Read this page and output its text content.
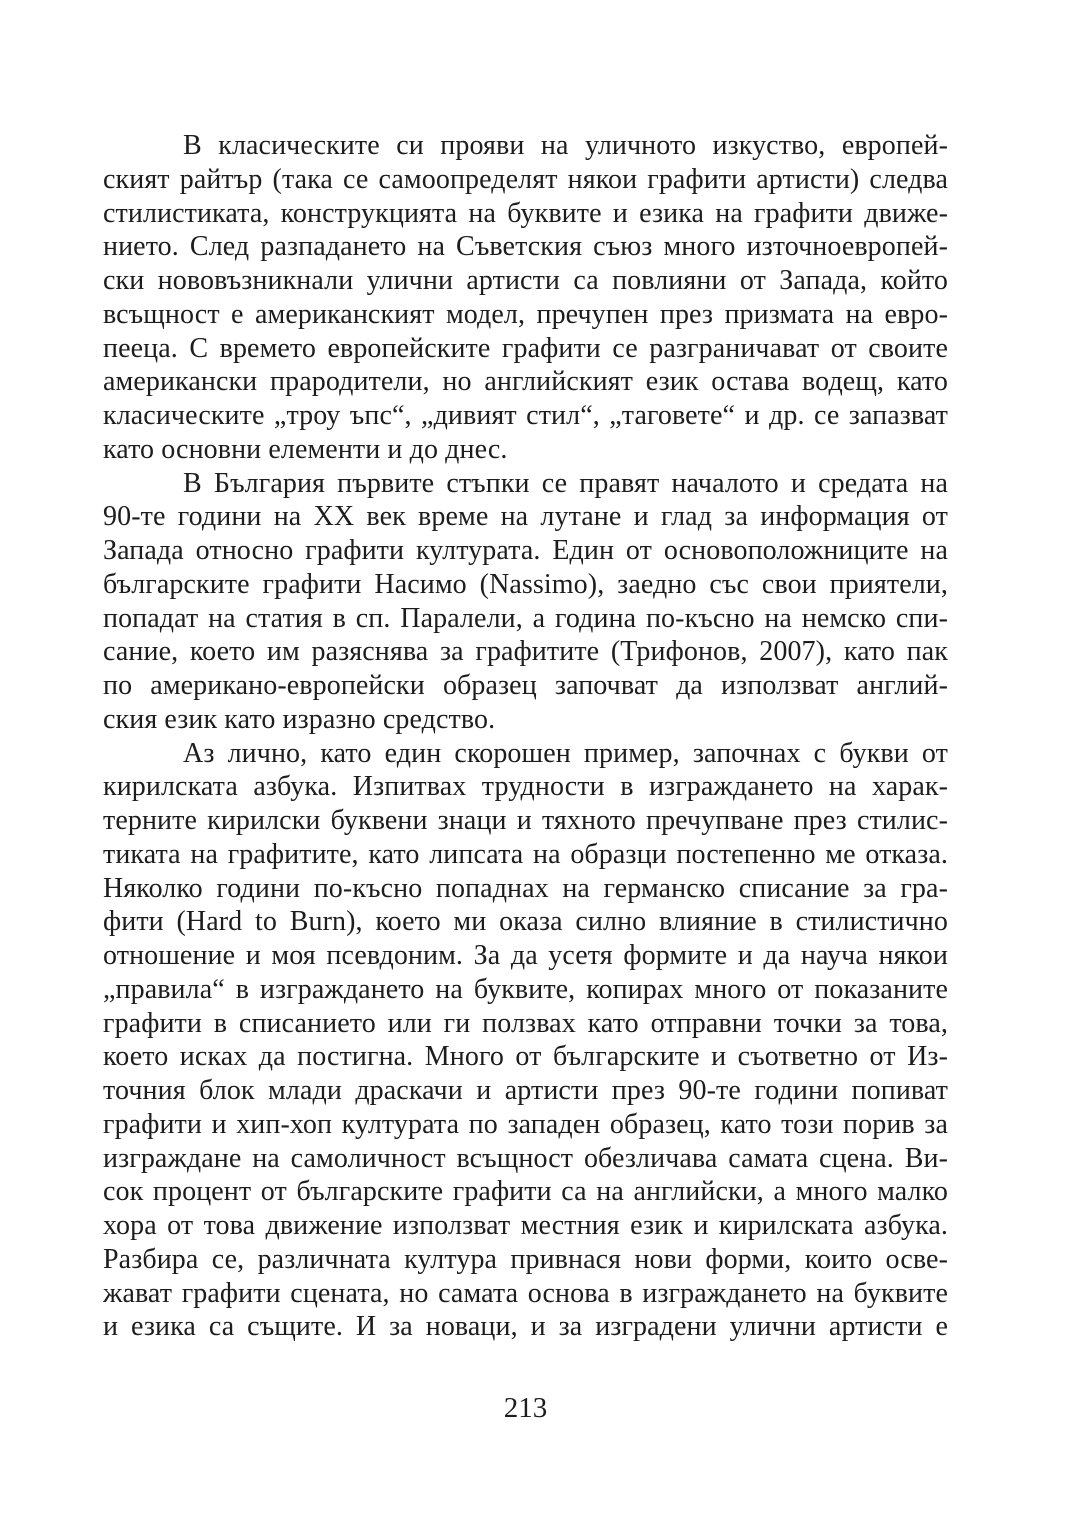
В класическите си прояви на уличното изкуство, европей-
ският райтър (така се самоопределят някои графити артисти) следва
стилистиката, конструкцията на буквите и езика на графити движе-
нието. След разпадането на Съветския съюз много източноевропей-
ски нововъзникнали улични артисти са повлияни от Запада, който
всъщност е американският модел, пречупен през призмата на евро-
пееца. С времето европейските графити се разграничават от своите
американски прародители, но английският език остава водещ, като
класическите „троу ъпс“, „дивият стил“, „таговете“ и др. се запазват
като основни елементи и до днес.
В България първите стъпки се правят началото и средата на
90-те години на ХХ век време на лутане и глад за информация от
Запада относно графити културата. Един от основоположниците на
българските графити Насимо (Nassimo), заедно със свои приятели,
попадат на статия в сп. Паралели, а година по-късно на немско спи-
сание, което им разяснява за графитите (Трифонов, 2007), като пак
по американо-европейски образец започват да използват англий-
ския език като изразно средство.
Аз лично, като един скорошен пример, започнах с букви от
кирилската азбука. Изпитвах трудности в изграждането на харак-
терните кирилски буквени знаци и тяхното пречупване през стилис-
тиката на графитите, като липсата на образци постепенно ме отказа.
Няколко години по-късно попаднах на германско списание за гра-
фити (Hard to Burn), което ми оказа силно влияние в стилистично
отношение и моя псевдоним. За да усетя формите и да науча някои
„правила“ в изграждането на буквите, копирах много от показаните
графити в списанието или ги ползвах като отправни точки за това,
което исках да постигна. Много от българските и съответно от Из-
точния блок млади драскачи и артисти през 90-те години попиват
графити и хип-хоп културата по западен образец, като този порив за
изграждане на самоличност всъщност обезличава самата сцена. Ви-
сок процент от българските графити са на английски, а много малко
хора от това движение използват местния език и кирилската азбука.
Разбира се, различната култура привнася нови форми, които осве-
жават графити сцената, но самата основа в изграждането на буквите
и езика са същите. И за новаци, и за изградени улични артисти е
213
